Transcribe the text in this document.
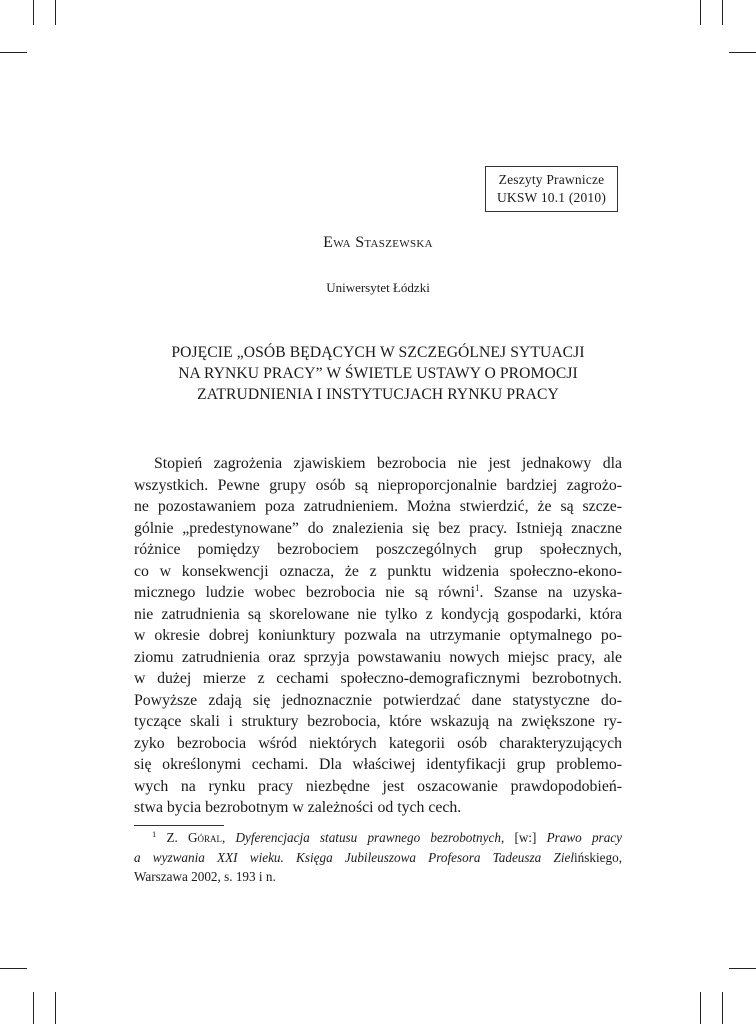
Zeszyty Prawnicze
UKSW 10.1 (2010)
Ewa Staszewska
Uniwersytet Łódzki
POJĘCIE „OSÓB BĘDĄCYCH W SZCZEGÓLNEJ SYTUACJI
NA RYNKU PRACY” W ŚWIETLE USTAWY O PROMOCJI
ZATRUDNIENIA I INSTYTUCJACH RYNKU PRACY
Stopień zagrożenia zjawiskiem bezrobocia nie jest jednakowy dla
wszystkich. Pewne grupy osób są nieproporcjonalnie bardziej zagrożo-
ne pozostawaniem poza zatrudnieniem. Można stwierdzić, że są szcze-
gólnie „predestynowane” do znalezienia się bez pracy. Istnieją znaczne
różnice pomiędzy bezrobociem poszczególnych grup społecznych,
co w konsekwencji oznacza, że z punktu widzenia społeczno-ekono-
micznego ludzie wobec bezrobocia nie są równi$^1$. Szanse na uzyska-
nie zatrudnienia są skorelowane nie tylko z kondycją gospodarki, która
w okresie dobrej koniunktury pozwala na utrzymanie optymalnego po-
ziomu zatrudnienia oraz sprzyja powstawaniu nowych miejsc pracy, ale
w dużej mierze z cechami społeczno-demograficznymi bezrobotnych.
Powyższe zdają się jednoznacznie potwierdzać dane statystyczne do-
tyczące skali i struktury bezrobocia, które wskazują na zwiększone ry-
zyko bezrobocia wśród niektórych kategorii osób charakteryzujących
się określonymi cechami. Dla właściwej identyfikacji grup problemo-
wych na rynku pracy niezbędne jest oszacowanie prawdopodobień-
stwa bycia bezrobotnym w zależności od tych cech.
$^1$ Z. Góral, Dyferencjacja statusu prawnego bezrobotnych, [w:] Prawo pracy
a wyzwania XXI wieku. Księga Jubileuszowa Profesora Tadeusza Zielińskiego,
Warszawa 2002, s. 193 i n.
